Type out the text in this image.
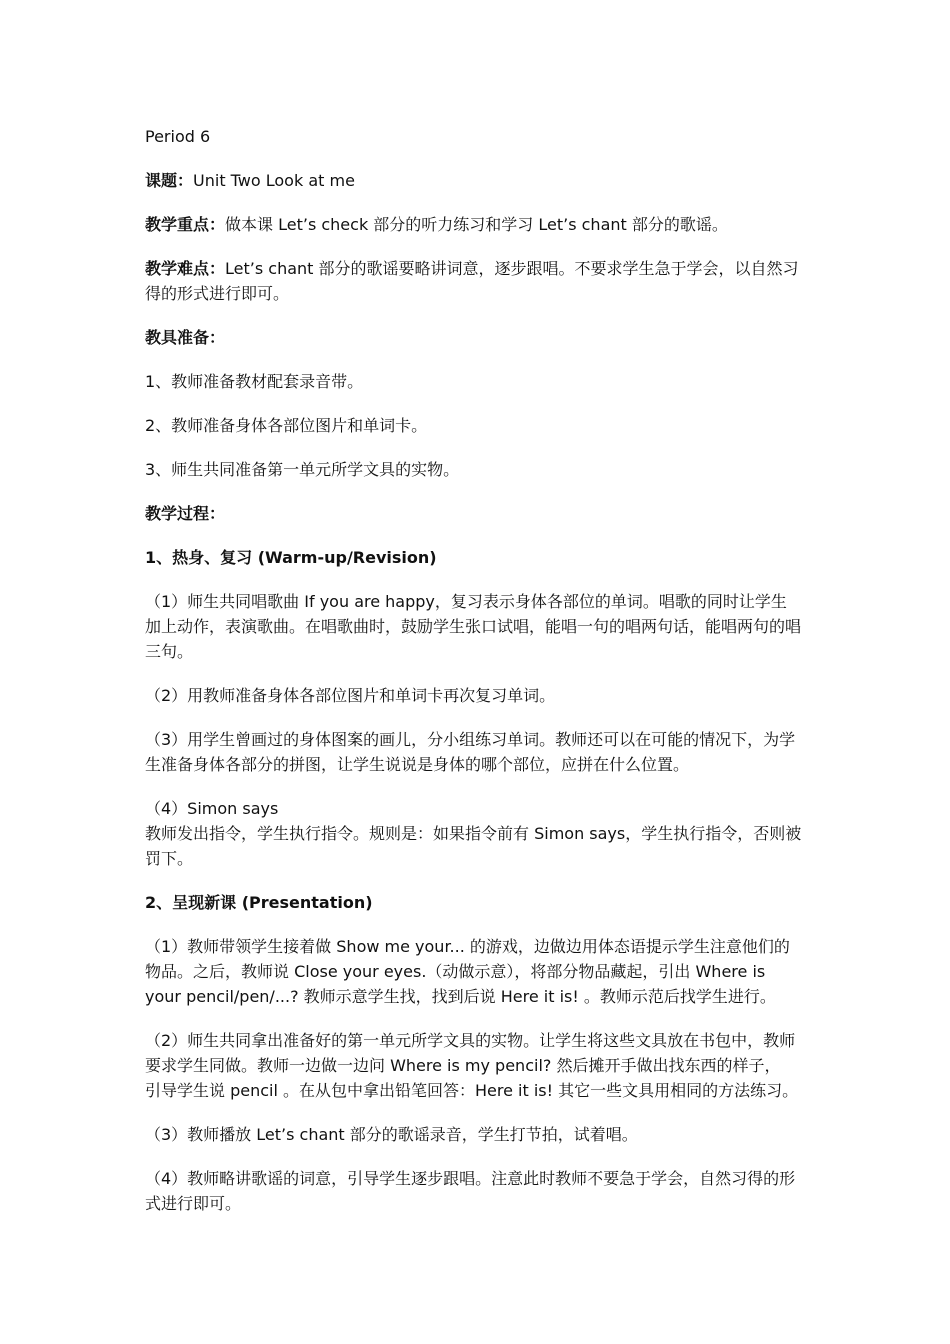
Period 6

课题：Unit Two Look at me

教学重点：做本课 Let’s check 部分的听力练习和学习 Let’s chant 部分的歌谣。

教学难点：Let’s chant 部分的歌谣要略讲词意，逐步跟唱。不要求学生急于学会，以自然习
得的形式进行即可。

教具准备：

1、教师准备教材配套录音带。

2、教师准备身体各部位图片和单词卡。

3、师生共同准备第一单元所学文具的实物。

教学过程：

1、热身、复习 (Warm-up/Revision)

（1）师生共同唱歌曲 If you are happy，复习表示身体各部位的单词。唱歌的同时让学生
加上动作，表演歌曲。在唱歌曲时，鼓励学生张口试唱，能唱一句的唱两句话，能唱两句的唱
三句。

（2）用教师准备身体各部位图片和单词卡再次复习单词。

（3）用学生曾画过的身体图案的画儿，分小组练习单词。教师还可以在可能的情况下，为学
生准备身体各部分的拼图，让学生说说是身体的哪个部位，应拼在什么位置。

（4）Simon says
教师发出指令，学生执行指令。规则是：如果指令前有 Simon says，学生执行指令，否则被
罚下。

2、呈现新课 (Presentation)

（1）教师带领学生接着做 Show me your... 的游戏，边做边用体态语提示学生注意他们的
物品。之后，教师说 Close your eyes.（动做示意），将部分物品藏起，引出 Where is
your pencil/pen/...? 教师示意学生找，找到后说 Here it is! 。教师示范后找学生进行。

（2）师生共同拿出准备好的第一单元所学文具的实物。让学生将这些文具放在书包中，教师
要求学生同做。教师一边做一边问 Where is my pencil? 然后摊开手做出找东西的样子，
引导学生说 pencil 。在从包中拿出铅笔回答：Here it is! 其它一些文具用相同的方法练习。

（3）教师播放 Let’s chant 部分的歌谣录音，学生打节拍，试着唱。

（4）教师略讲歌谣的词意，引导学生逐步跟唱。注意此时教师不要急于学会，自然习得的形
式进行即可。
